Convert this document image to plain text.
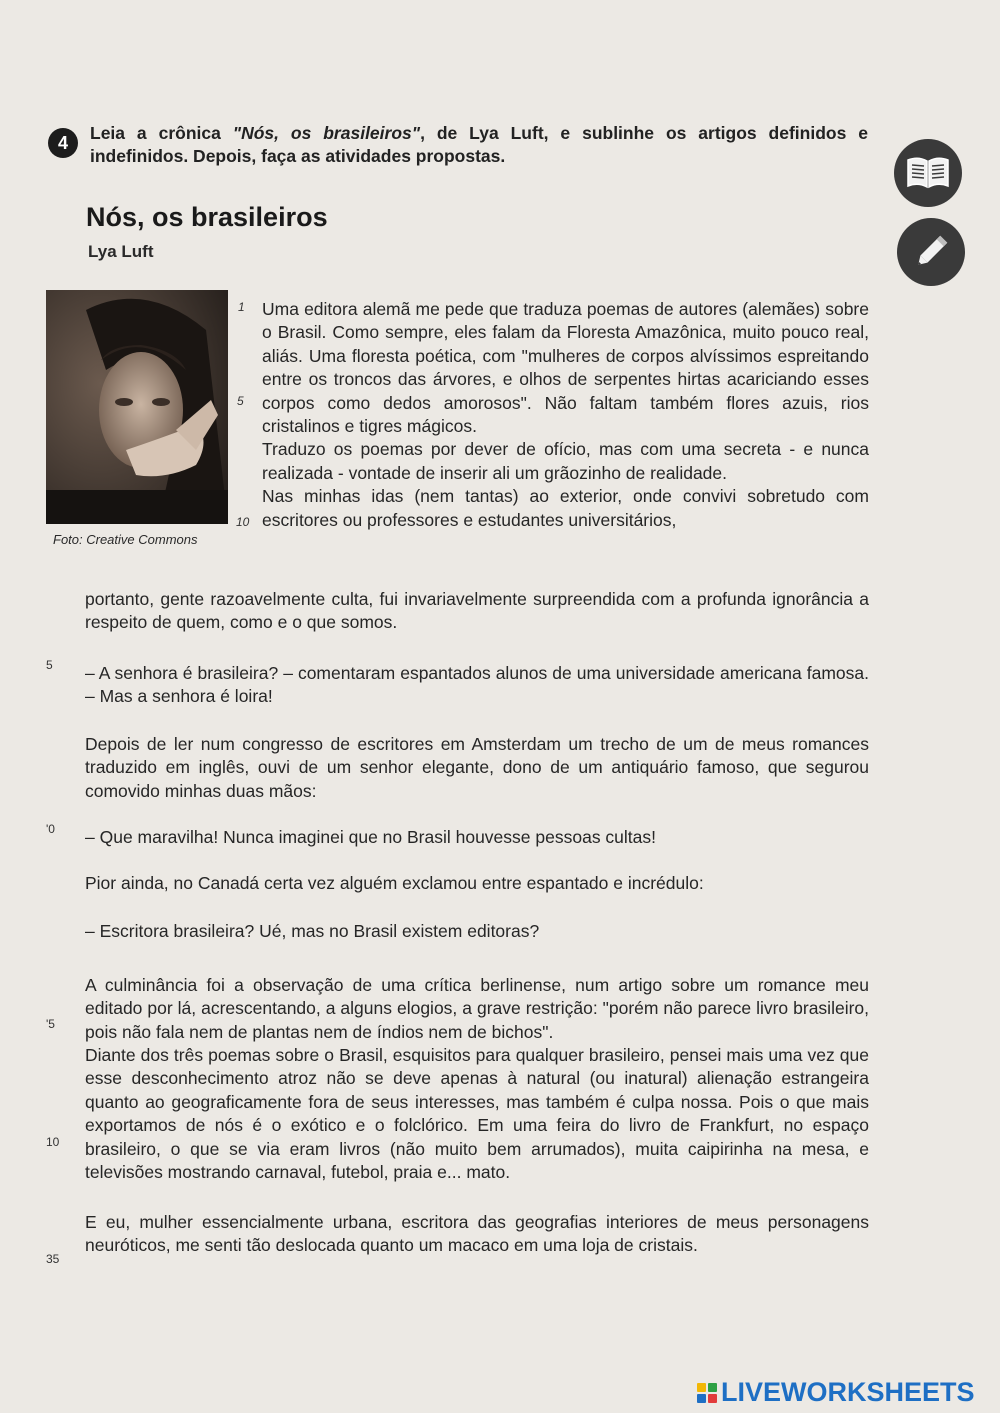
4 Leia a crônica "Nós, os brasileiros", de Lya Luft, e sublinhe os artigos definidos e indefinidos. Depois, faça as atividades propostas.
Nós, os brasileiros
Lya Luft
Foto: Creative Commons
1
5
10
5
'0
'5
10
35

Uma editora alemã me pede que traduza poemas de autores (alemães) sobre o Brasil. Como sempre, eles falam da Floresta Amazônica, muito pouco real, aliás. Uma floresta poética, com "mulheres de corpos alvíssimos espreitando entre os troncos das árvores, e olhos de serpentes hirtas acariciando esses corpos como dedos amorosos". Não faltam também flores azuis, rios cristalinos e tigres mágicos.

Traduzo os poemas por dever de ofício, mas com uma secreta - e nunca realizada - vontade de inserir ali um grãozinho de realidade.

Nas minhas idas (nem tantas) ao exterior, onde convivi sobretudo com escritores ou professores e estudantes universitários,

portanto, gente razoavelmente culta, fui invariavelmente surpreendida com a profunda ignorância a respeito de quem, como e o que somos.
– A senhora é brasileira? – comentaram espantados alunos de uma universidade americana famosa. – Mas a senhora é loira!
Depois de ler num congresso de escritores em Amsterdam um trecho de um de meus romances traduzido em inglês, ouvi de um senhor elegante, dono de um antiquário famoso, que segurou comovido minhas duas mãos:
– Que maravilha! Nunca imaginei que no Brasil houvesse pessoas cultas!
Pior ainda, no Canadá certa vez alguém exclamou entre espantado e incrédulo:
– Escritora brasileira? Ué, mas no Brasil existem editoras?
A culminância foi a observação de uma crítica berlinense, num artigo sobre um romance meu editado por lá, acrescentando, a alguns elogios, a grave restrição: "porém não parece livro brasileiro, pois não fala nem de plantas nem de índios nem de bichos".
Diante dos três poemas sobre o Brasil, esquisitos para qualquer brasileiro, pensei mais uma vez que esse desconhecimento atroz não se deve apenas à natural (ou inatural) alienação estrangeira quanto ao geograficamente fora de seus interesses, mas também é culpa nossa. Pois o que mais exportamos de nós é o exótico e o folclórico. Em uma feira do livro de Frankfurt, no espaço brasileiro, o que se via eram livros (não muito bem arrumados), muita caipirinha na mesa, e televisões mostrando carnaval, futebol, praia e... mato.
E eu, mulher essencialmente urbana, escritora das geografias interiores de meus personagens neuróticos, me senti tão deslocada quanto um macaco em uma loja de cristais.
LIVEWORKSHEETS
